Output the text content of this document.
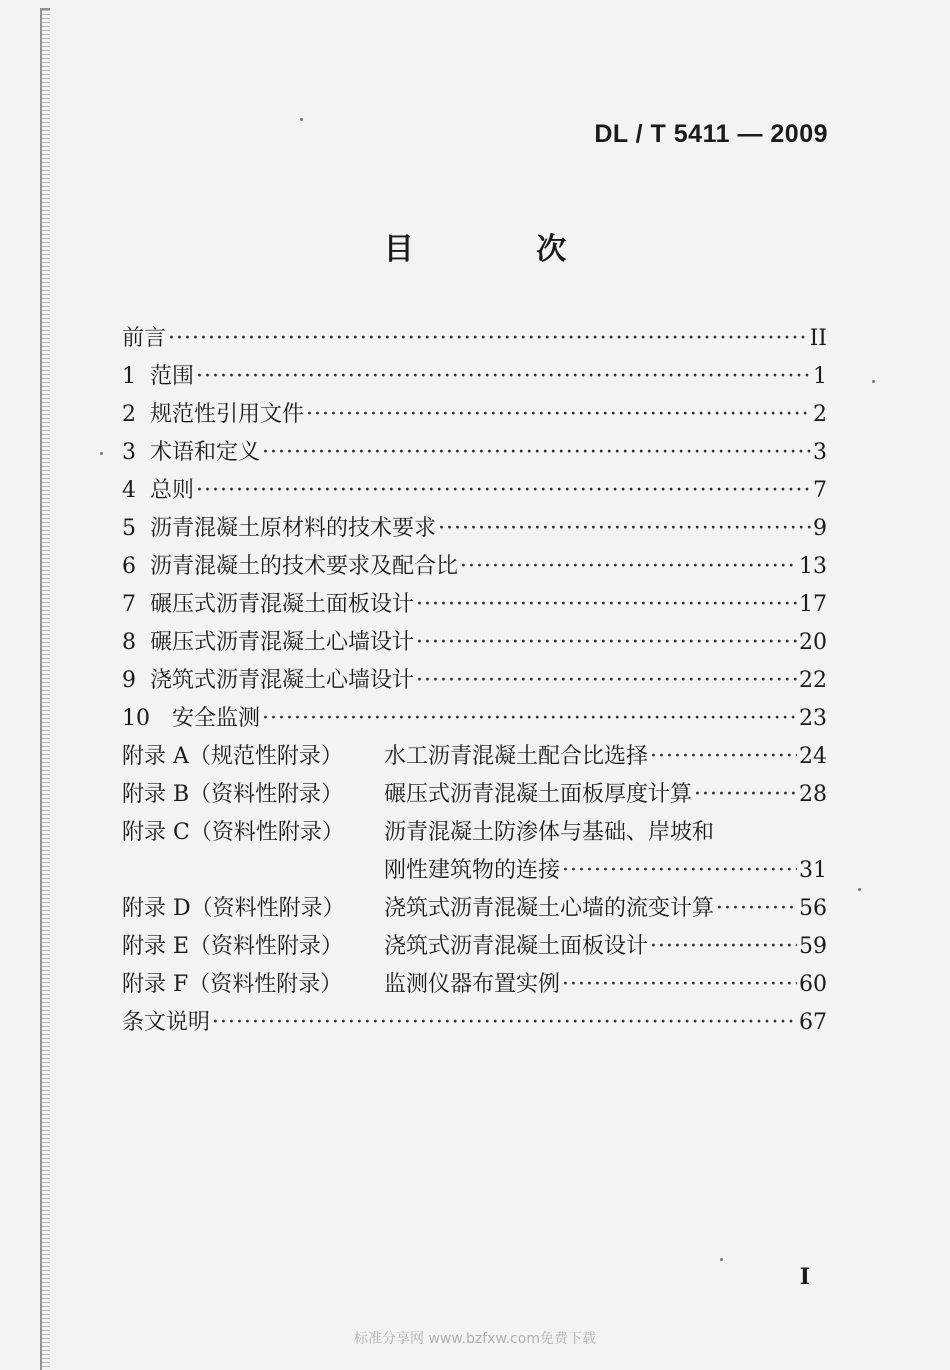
DL / T 5411 — 2009
目 次
前言 ·····	II
1 范围 ·····	1
2 规范性引用文件 ·····	2
3 术语和定义 ·····	3
4 总则 ·····	7
5 沥青混凝土原材料的技术要求 ·····	9
6 沥青混凝土的技术要求及配合比 ·····	13
7 碾压式沥青混凝土面板设计 ·····	17
8 碾压式沥青混凝土心墙设计 ·····	20
9 浇筑式沥青混凝土心墙设计 ·····	22
10 安全监测 ·····	23
附录 A（规范性附录）	水工沥青混凝土配合比选择 ·····	24
附录 B（资料性附录）	碾压式沥青混凝土面板厚度计算 ·····	28
附录 C（资料性附录）	沥青混凝土防渗体与基础、岸坡和
刚性建筑物的连接 ·····	31
附录 D（资料性附录）	浇筑式沥青混凝土心墙的流变计算 ·····	56
附录 E（资料性附录）	浇筑式沥青混凝土面板设计 ·····	59
附录 F（资料性附录）	监测仪器布置实例 ·····	60
条文说明 ·····	67
I
标准分享网 www.bzfxw.com免费下载
